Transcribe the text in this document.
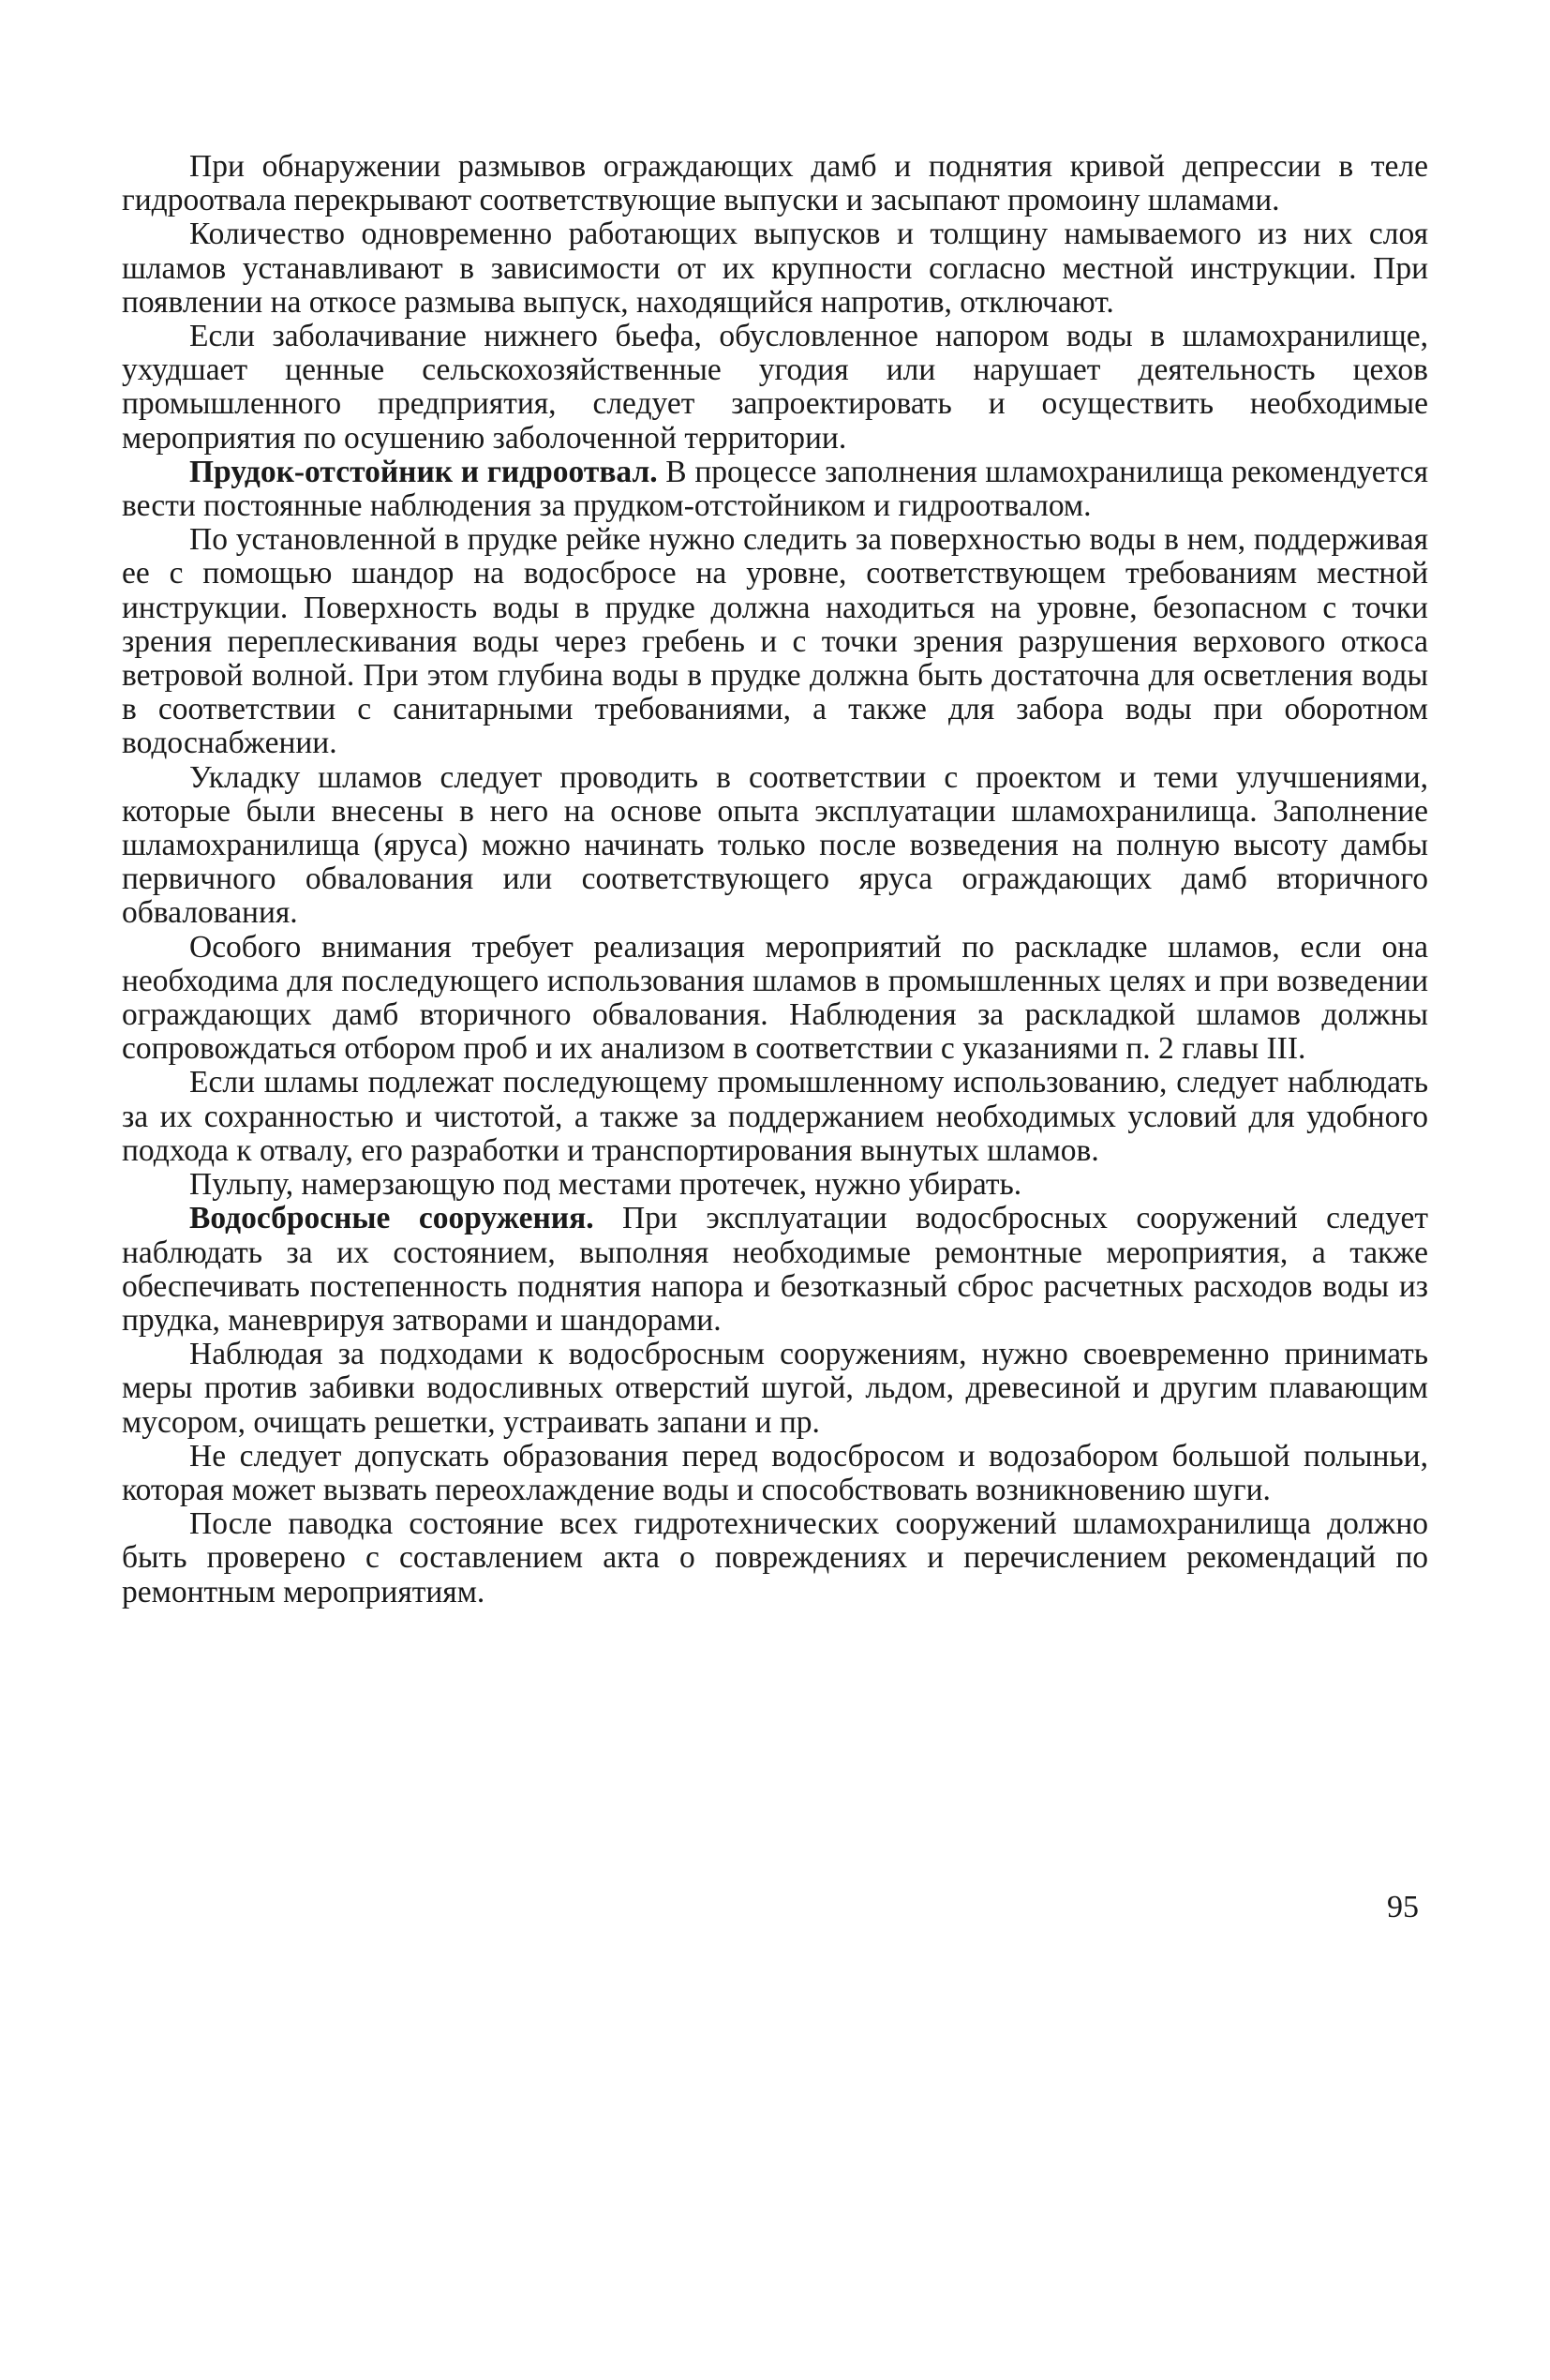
При обнаружении размывов ограждающих дамб и поднятия кривой депрессии в теле гидроотвала перекрывают соответствующие выпуски и засыпают промоину шламами.

Количество одновременно работающих выпусков и толщину намываемого из них слоя шламов устанавливают в зависимости от их крупности согласно местной инструкции. При появлении на откосе размыва выпуск, находящийся напротив, отключают.

Если заболачивание нижнего бьефа, обусловленное напором воды в шламохранилище, ухудшает ценные сельскохозяйственные угодия или нарушает деятельность цехов промышленного предприятия, следует запроектировать и осуществить необходимые мероприятия по осушению заболоченной территории.

Прудок-отстойник и гидроотвал. В процессе заполнения шламохранилища рекомендуется вести постоянные наблюдения за прудком-отстойником и гидроотвалом.

По установленной в прудке рейке нужно следить за поверхностью воды в нем, поддерживая ее с помощью шандор на водосбросе на уровне, соответствующем требованиям местной инструкции. Поверхность воды в прудке должна находиться на уровне, безопасном с точки зрения переплескивания воды через гребень и с точки зрения разрушения верхового откоса ветровой волной. При этом глубина воды в прудке должна быть достаточна для осветления воды в соответствии с санитарными требованиями, а также для забора воды при оборотном водоснабжении.

Укладку шламов следует проводить в соответствии с проектом и теми улучшениями, которые были внесены в него на основе опыта эксплуатации шламохранилища. Заполнение шламохранилища (яруса) можно начинать только после возведения на полную высоту дамбы первичного обвалования или соответствующего яруса ограждающих дамб вторичного обвалования.

Особого внимания требует реализация мероприятий по раскладке шламов, если она необходима для последующего использования шламов в промышленных целях и при возведении ограждающих дамб вторичного обвалования. Наблюдения за раскладкой шламов должны сопровождаться отбором проб и их анализом в соответствии с указаниями п. 2 главы III.

Если шламы подлежат последующему промышленному использованию, следует наблюдать за их сохранностью и чистотой, а также за поддержанием необходимых условий для удобного подхода к отвалу, его разработки и транспортирования вынутых шламов.

Пульпу, намерзающую под местами протечек, нужно убирать.

Водосбросные сооружения. При эксплуатации водосбросных сооружений следует наблюдать за их состоянием, выполняя необходимые ремонтные мероприятия, а также обеспечивать постепенность поднятия напора и безотказный сброс расчетных расходов воды из прудка, маневрируя затворами и шандорами.

Наблюдая за подходами к водосбросным сооружениям, нужно своевременно принимать меры против забивки водосливных отверстий шугой, льдом, древесиной и другим плавающим мусором, очищать решетки, устраивать запани и пр.

Не следует допускать образования перед водосбросом и водозабором большой полыньи, которая может вызвать переохлаждение воды и способствовать возникновению шуги.

После паводка состояние всех гидротехнических сооружений шламохранилища должно быть проверено с составлением акта о повреждениях и перечислением рекомендаций по ремонтным мероприятиям.

95
